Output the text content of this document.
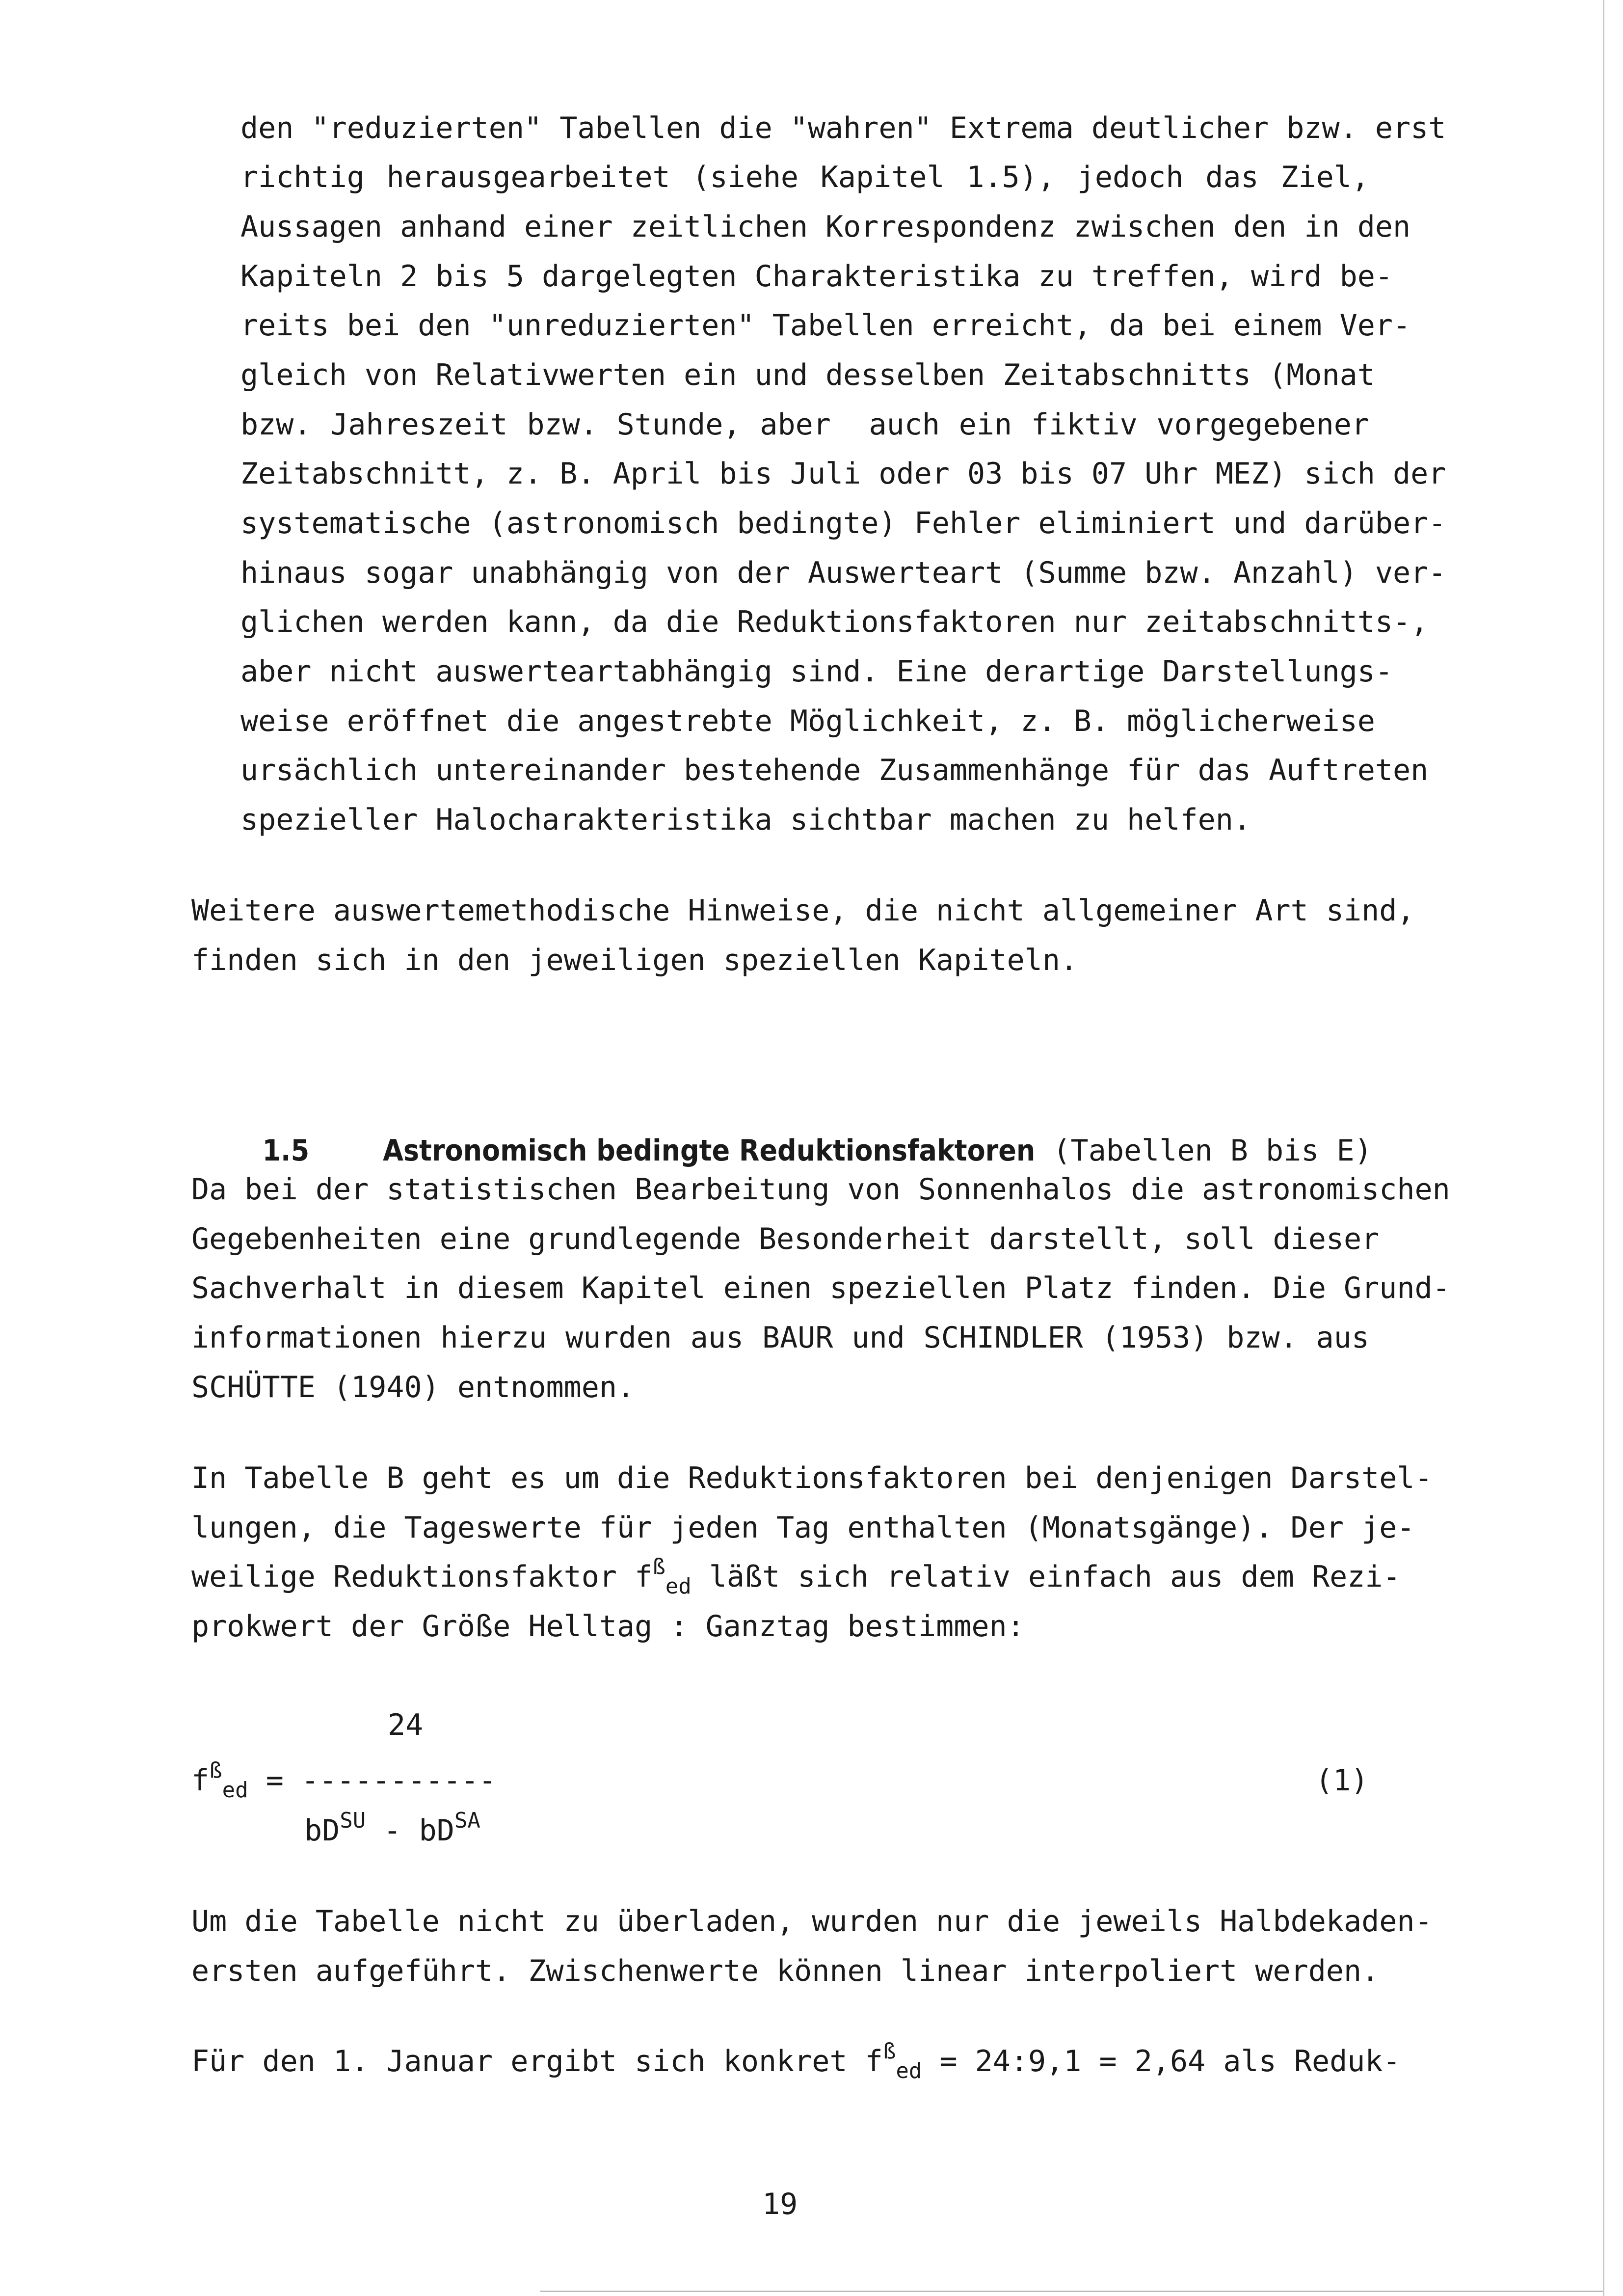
den "reduzierten" Tabellen die "wahren" Extrema deutlicher bzw. erst
richtig herausgearbeitet (siehe Kapitel 1.5), jedoch das Ziel,
Aussagen anhand einer zeitlichen Korrespondenz zwischen den in den
Kapiteln 2 bis 5 dargelegten Charakteristika zu treffen, wird be-
reits bei den "unreduzierten" Tabellen erreicht, da bei einem Ver-
gleich von Relativwerten ein und desselben Zeitabschnitts (Monat
bzw. Jahreszeit bzw. Stunde, aber  auch ein fiktiv vorgegebener
Zeitabschnitt, z. B. April bis Juli oder 03 bis 07 Uhr MEZ) sich der
systematische (astronomisch bedingte) Fehler eliminiert und darüber-
hinaus sogar unabhängig von der Auswerteart (Summe bzw. Anzahl) ver-
glichen werden kann, da die Reduktionsfaktoren nur zeitabschnitts-,
aber nicht auswerteartabhängig sind. Eine derartige Darstellungs-
weise eröffnet die angestrebte Möglichkeit, z. B. möglicherweise
ursächlich untereinander bestehende Zusammenhänge für das Auftreten
spezieller Halocharakteristika sichtbar machen zu helfen.
Weitere auswertemethodische Hinweise, die nicht allgemeiner Art sind,
finden sich in den jeweiligen speziellen Kapiteln.

1.5	Astronomisch bedingte Reduktionsfaktoren (Tabellen B bis E)

Da bei der statistischen Bearbeitung von Sonnenhalos die astronomischen
Gegebenheiten eine grundlegende Besonderheit darstellt, soll dieser
Sachverhalt in diesem Kapitel einen speziellen Platz finden. Die Grund-
informationen hierzu wurden aus BAUR und SCHINDLER (1953) bzw. aus
SCHÜTTE (1940) entnommen.
In Tabelle B geht es um die Reduktionsfaktoren bei denjenigen Darstel-
lungen, die Tageswerte für jeden Tag enthalten (Monatsgänge). Der je-
weilige Reduktionsfaktor $f^ß_{ed}$ läßt sich relativ einfach aus dem Rezi-
prokwert der Größe Helltag : Ganztag bestimmen:
24
$f^ß_{ed}$ = -----------	(1)
$bD^{SU} - bD^{SA}$
Um die Tabelle nicht zu überladen, wurden nur die jeweils Halbdekaden-
ersten aufgeführt. Zwischenwerte können linear interpoliert werden.
Für den 1. Januar ergibt sich konkret $f^ß_{ed}$ = 24:9,1 = 2,64 als Reduk-
19
